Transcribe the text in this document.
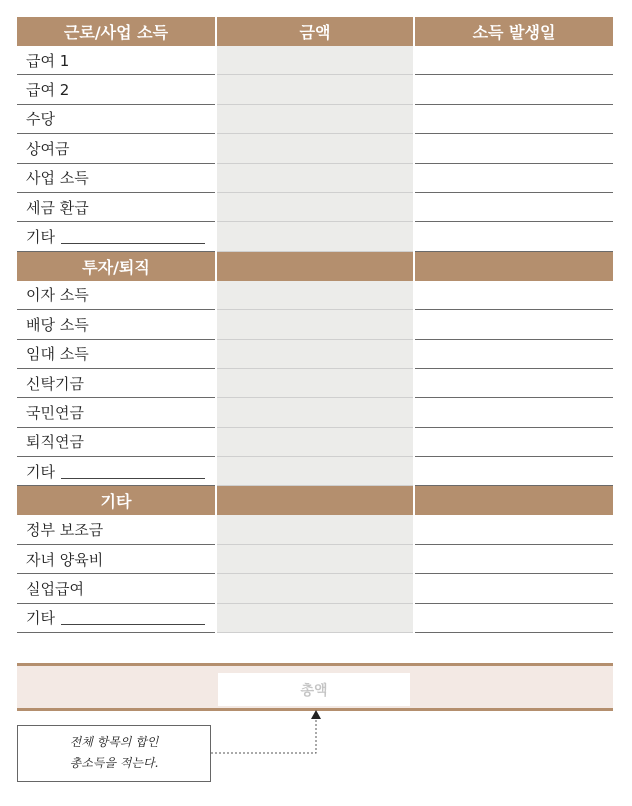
근로/사업 소득	금액	소득 발생일
급여 1
급여 2
수당
상여금
사업 소득
세금 환급
기타
투자/퇴직
이자 소득
배당 소득
임대 소득
신탁기금
국민연금
퇴직연금
기타
기타
정부 보조금
자녀 양육비
실업급여
기타
총액
전체 항목의 합인
총소득을 적는다.
